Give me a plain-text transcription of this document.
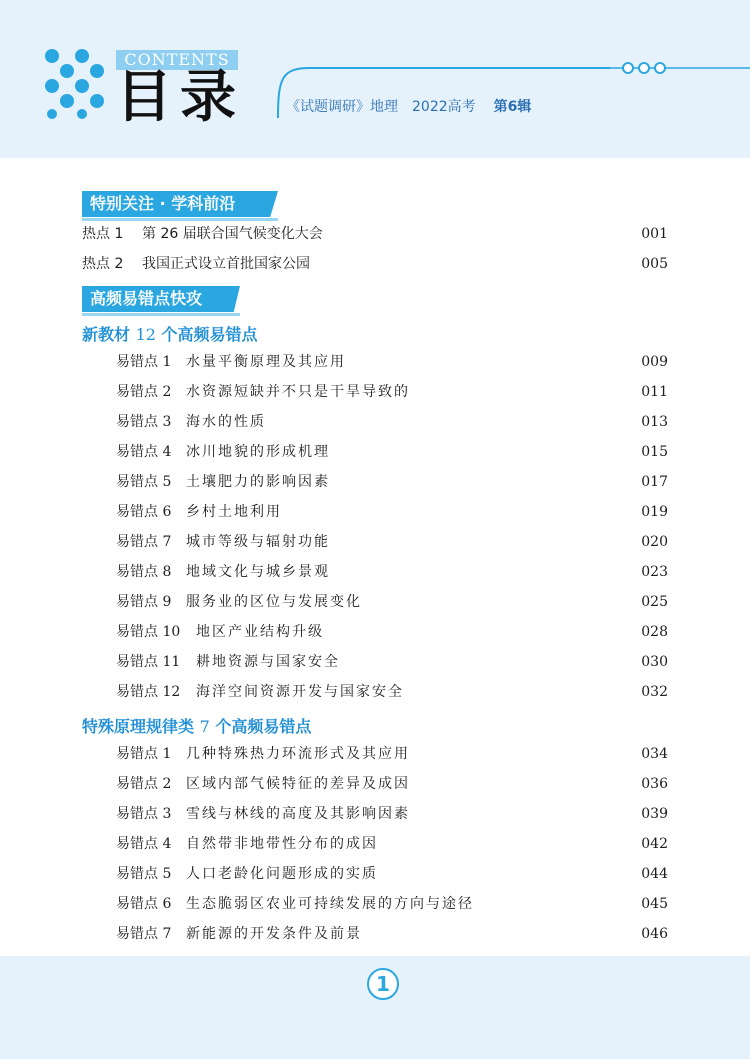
CONTENTS
目录	《试题调研》地理 2022高考 第6辑
特别关注 · 学科前沿
热点 1 第 26 届联合国气候变化大会	001
热点 2 我国正式设立首批国家公园	005
高频易错点快攻
新教材 12 个高频易错点
易错点 1 水量平衡原理及其应用	009
易错点 2 水资源短缺并不只是干旱导致的	011
易错点 3 海水的性质	013
易错点 4 冰川地貌的形成机理	015
易错点 5 土壤肥力的影响因素	017
易错点 6 乡村土地利用	019
易错点 7 城市等级与辐射功能	020
易错点 8 地域文化与城乡景观	023
易错点 9 服务业的区位与发展变化	025
易错点 10 地区产业结构升级	028
易错点 11 耕地资源与国家安全	030
易错点 12 海洋空间资源开发与国家安全	032
特殊原理规律类 7 个高频易错点
易错点 1 几种特殊热力环流形式及其应用	034
易错点 2 区域内部气候特征的差异及成因	036
易错点 3 雪线与林线的高度及其影响因素	039
易错点 4 自然带非地带性分布的成因	042
易错点 5 人口老龄化问题形成的实质	044
易错点 6 生态脆弱区农业可持续发展的方向与途径	045
易错点 7 新能源的开发条件及前景	046
1
